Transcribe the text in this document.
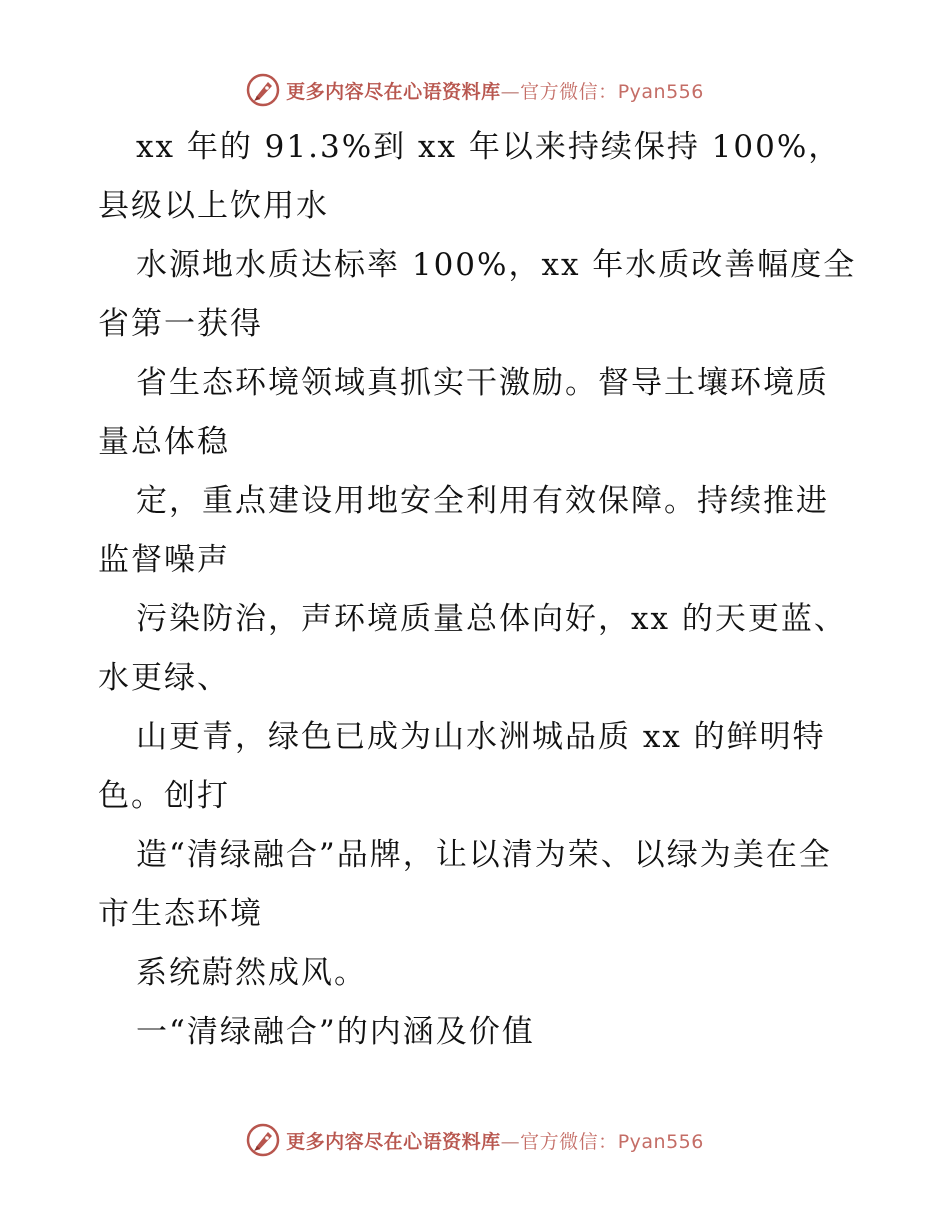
更多内容尽在心语资料库—官方微信：Pyan556

xx 年的 91.3%到 xx 年以来持续保持 100%，县级以上饮用水

水源地水质达标率 100%，xx 年水质改善幅度全省第一获得

省生态环境领域真抓实干激励。督导土壤环境质量总体稳

定，重点建设用地安全利用有效保障。持续推进监督噪声

污染防治，声环境质量总体向好，xx 的天更蓝、水更绿、

山更青，绿色已成为山水洲城品质 xx 的鲜明特色。创打

造“清绿融合”品牌，让以清为荣、以绿为美在全市生态环境

系统蔚然成风。

一“清绿融合”的内涵及价值

更多内容尽在心语资料库—官方微信：Pyan556
